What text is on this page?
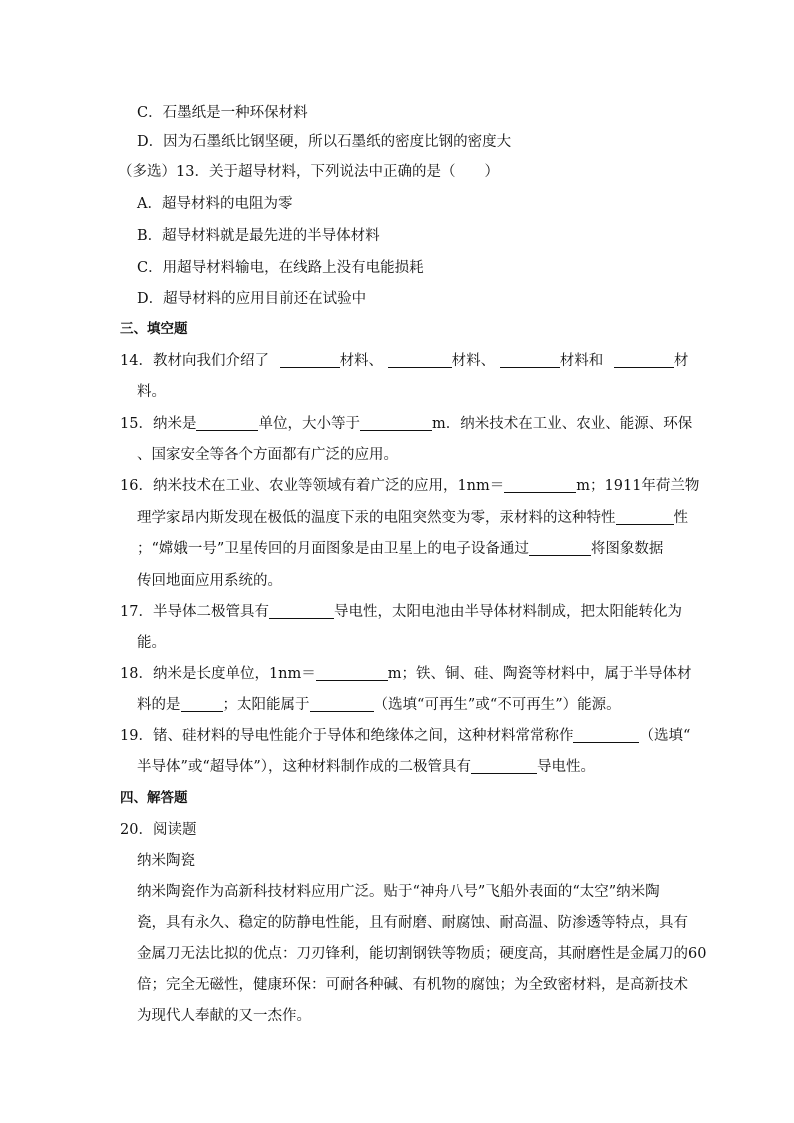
C．石墨纸是一种环保材料
D．因为石墨纸比钢坚硬，所以石墨纸的密度比钢的密度大
（多选）13．关于超导材料，下列说法中正确的是（　　）
A．超导材料的电阻为零
B．超导材料就是最先进的半导体材料
C．用超导材料输电，在线路上没有电能损耗
D．超导材料的应用目前还在试验中
三、填空题
14．教材向我们介绍了	材料、	材料、	材料和	材
料。
15．纳米是	单位，大小等于	m．纳米技术在工业、农业、能源、环保
、国家安全等各个方面都有广泛的应用。
16．纳米技术在工业、农业等领域有着广泛的应用，1nm＝	m；1911年荷兰物
理学家昂内斯发现在极低的温度下汞的电阻突然变为零，汞材料的这种特性	性
；“嫦娥一号”卫星传回的月面图象是由卫星上的电子设备通过	将图象数据
传回地面应用系统的。
17．半导体二极管具有	导电性，太阳电池由半导体材料制成，把太阳能转化为
能。
18．纳米是长度单位，1nm＝	m；铁、铜、硅、陶瓷等材料中，属于半导体材
料的是	；太阳能属于	（选填“可再生”或“不可再生”）能源。
19．锗、硅材料的导电性能介于导体和绝缘体之间，这种材料常常称作	（选填“
半导体”或“超导体”），这种材料制作成的二极管具有	导电性。
四、解答题
20．阅读题
纳米陶瓷
纳米陶瓷作为高新科技材料应用广泛。贴于“神舟八号”飞船外表面的“太空”纳米陶
瓷，具有永久、稳定的防静电性能，且有耐磨、耐腐蚀、耐高温、防渗透等特点，具有
金属刀无法比拟的优点：刀刃锋利，能切割钢铁等物质；硬度高，其耐磨性是金属刀的60
倍；完全无磁性，健康环保：可耐各种碱、有机物的腐蚀；为全致密材料，是高新技术
为现代人奉献的又一杰作。
